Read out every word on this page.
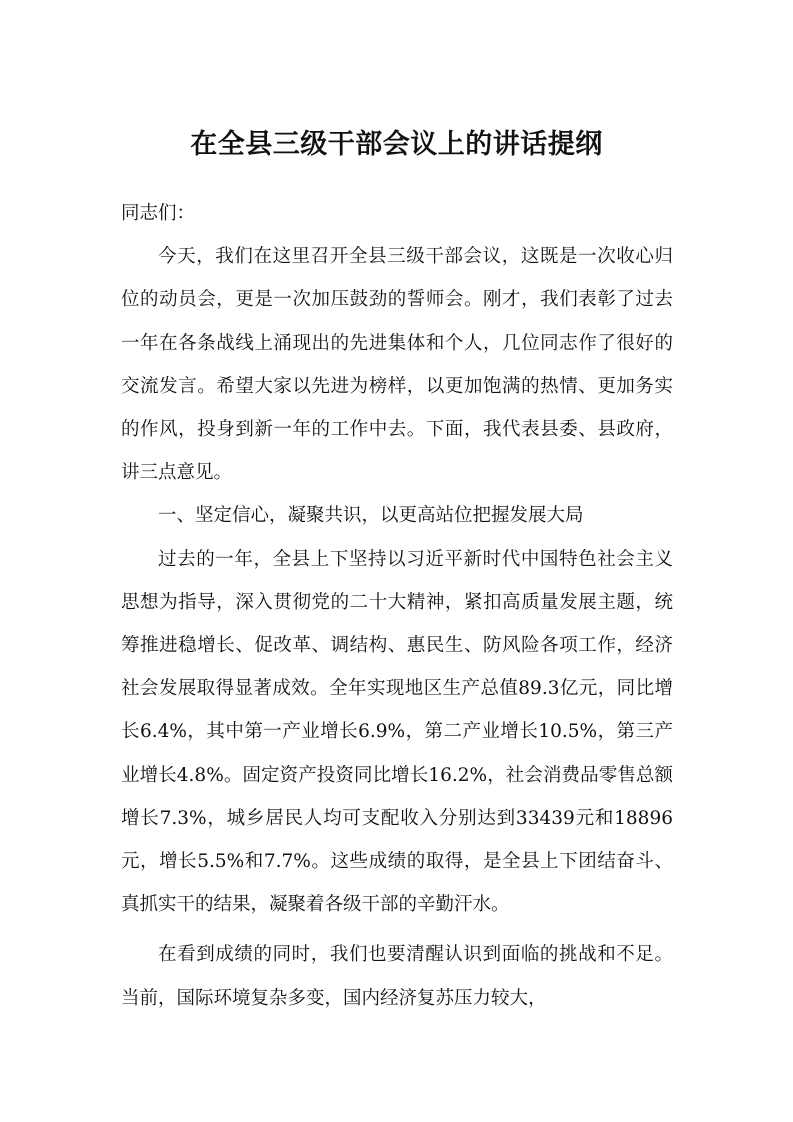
在全县三级干部会议上的讲话提纲

同志们：

今天，我们在这里召开全县三级干部会议，这既是一次收心归位的动员会，更是一次加压鼓劲的誓师会。刚才，我们表彰了过去一年在各条战线上涌现出的先进集体和个人，几位同志作了很好的交流发言。希望大家以先进为榜样，以更加饱满的热情、更加务实的作风，投身到新一年的工作中去。下面，我代表县委、县政府，讲三点意见。

一、坚定信心，凝聚共识，以更高站位把握发展大局

过去的一年，全县上下坚持以习近平新时代中国特色社会主义思想为指导，深入贯彻党的二十大精神，紧扣高质量发展主题，统筹推进稳增长、促改革、调结构、惠民生、防风险各项工作，经济社会发展取得显著成效。全年实现地区生产总值89.3亿元，同比增长6.4%，其中第一产业增长6.9%，第二产业增长10.5%，第三产业增长4.8%。固定资产投资同比增长16.2%，社会消费品零售总额增长7.3%，城乡居民人均可支配收入分别达到33439元和18896元，增长5.5%和7.7%。这些成绩的取得，是全县上下团结奋斗、真抓实干的结果，凝聚着各级干部的辛勤汗水。

在看到成绩的同时，我们也要清醒认识到面临的挑战和不足。当前，国际环境复杂多变，国内经济复苏压力较大，
